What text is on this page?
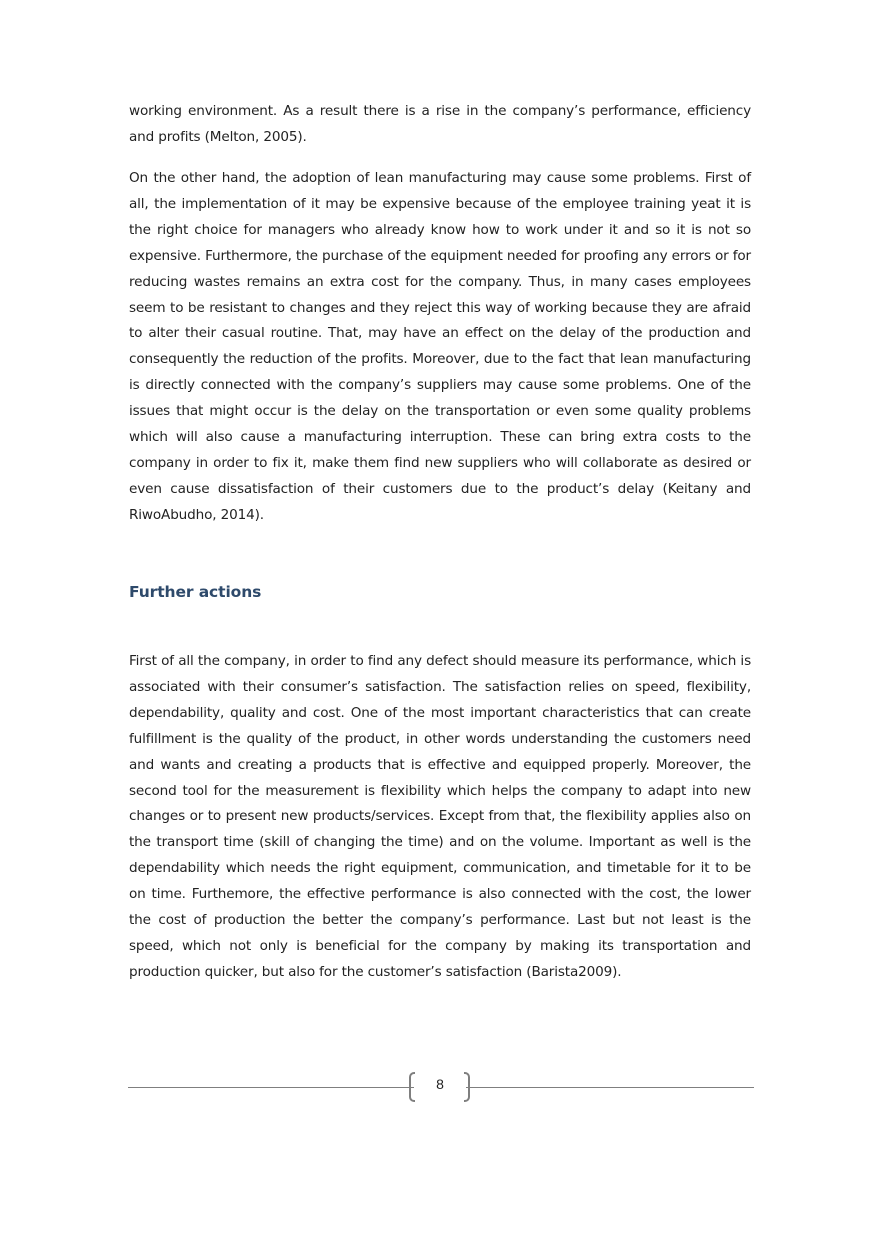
working environment. As a result there is a rise in the company’s performance, efficiency and profits (Melton, 2005).

On the other hand, the adoption of lean manufacturing may cause some problems. First of all, the implementation of it may be expensive because of the employee training yeat it is the right choice for managers who already know how to work under it and so it is not so expensive. Furthermore, the purchase of the equipment needed for proofing any errors or for reducing wastes remains an extra cost for the company. Thus, in many cases employees seem to be resistant to changes and they reject this way of working because they are afraid to alter their casual routine. That, may have an effect on the delay of the production and consequently the reduction of the profits. Moreover, due to the fact that lean manufacturing is directly connected with the company’s suppliers may cause some problems. One of the issues that might occur is the delay on the transportation or even some quality problems which will also cause a manufacturing interruption. These can bring extra costs to the company in order to fix it, make them find new suppliers who will collaborate as desired or even cause dissatisfaction of their customers due to the product’s delay (Keitany and RiwoAbudho, 2014).

Further actions

First of all the company, in order to find any defect should measure its performance, which is associated with their consumer’s satisfaction. The satisfaction relies on speed, flexibility, dependability, quality and cost. One of the most important characteristics that can create fulfillment is the quality of the product, in other words understanding the customers need and wants and creating a products that is effective and equipped properly. Moreover, the second tool for the measurement is flexibility which helps the company to adapt into new changes or to present new products/services. Except from that, the flexibility applies also on the transport time (skill of changing the time) and on the volume. Important as well is the dependability which needs the right equipment, communication, and timetable for it to be on time. Furthemore, the effective performance is also connected with the cost, the lower the cost of production the better the company’s performance. Last but not least is the speed, which not only is beneficial for the company by making its transportation and production quicker, but also for the customer’s satisfaction (Barista2009).

8
